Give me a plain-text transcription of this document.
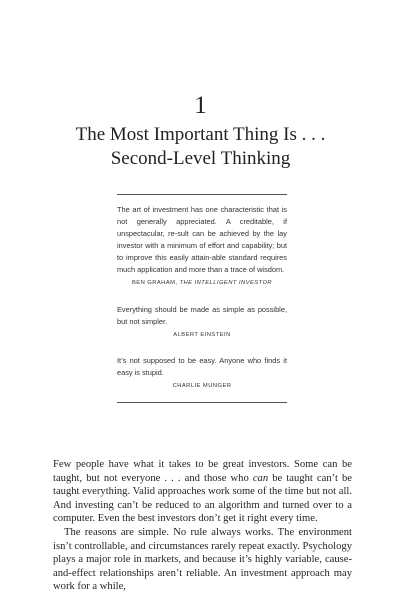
1
The Most Important Thing Is . . .
Second-Level Thinking

The art of investment has one characteristic that is not generally appreciated. A creditable, if unspectacular, re-sult can be achieved by the lay investor with a minimum of effort and capability; but to improve this easily attain-able standard requires much application and more than a trace of wisdom.

BEN GRAHAM, THE INTELLIGENT INVESTOR

Everything should be made as simple as possible, but not simpler.

ALBERT EINSTEIN

It’s not supposed to be easy. Anyone who finds it easy is stupid.

CHARLIE MUNGER

Few people have what it takes to be great investors. Some can be taught, but not everyone . . . and those who can be taught can’t be taught everything. Valid approaches work some of the time but not all. And investing can’t be reduced to an algorithm and turned over to a computer. Even the best investors don’t get it right every time.

The reasons are simple. No rule always works. The environment isn’t controllable, and circumstances rarely repeat exactly. Psychology plays a major role in markets, and because it’s highly variable, cause-and-effect relationships aren’t reliable. An investment approach may work for a while,
